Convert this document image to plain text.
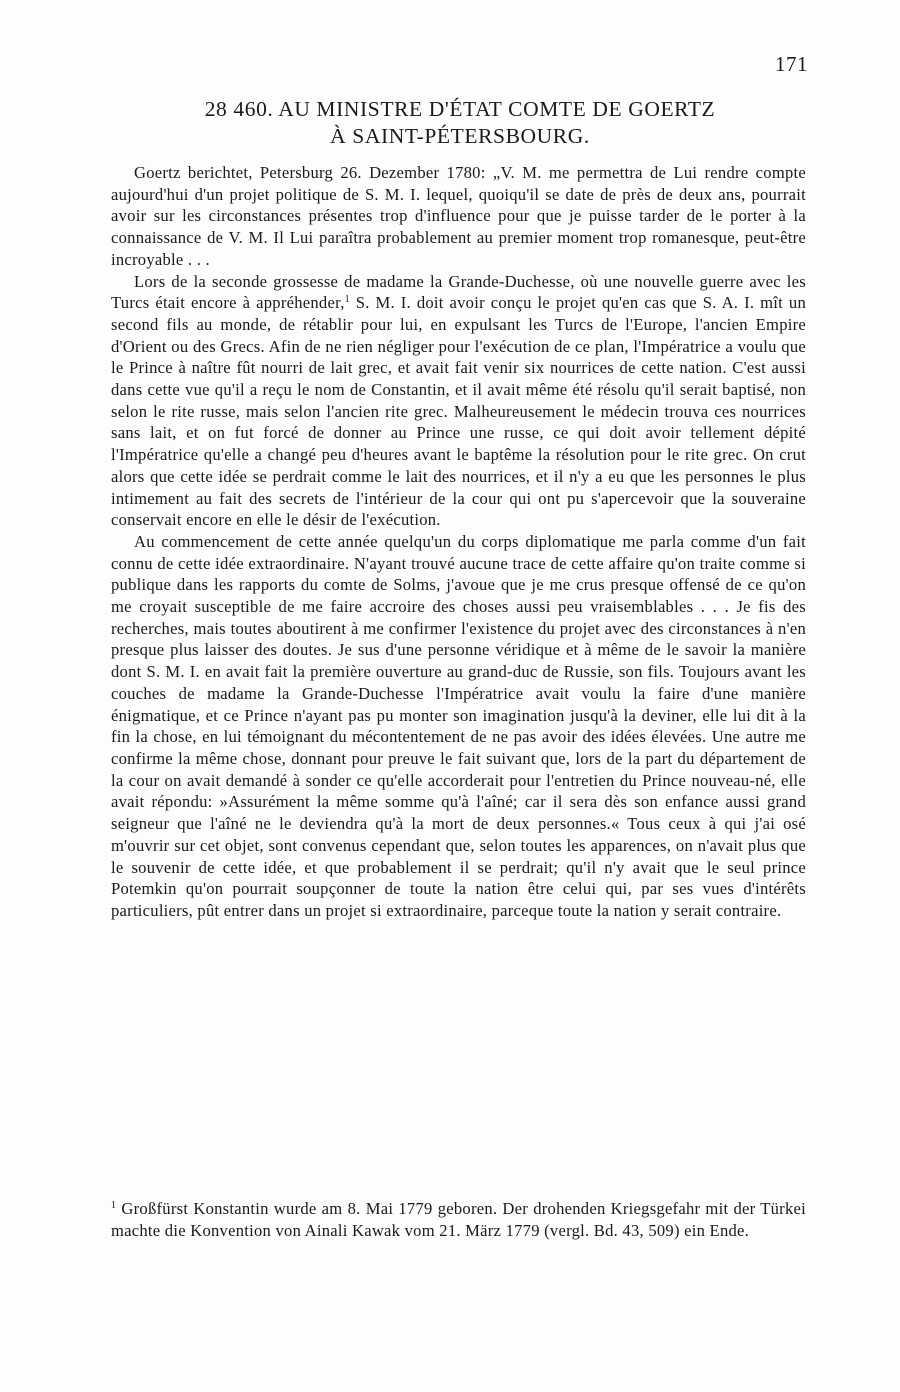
171
28 460. AU MINISTRE D'ÉTAT COMTE DE GOERTZ
À SAINT-PÉTERSBOURG.

Goertz berichtet, Petersburg 26. Dezember 1780: „V. M. me permettra de Lui rendre compte aujourd'hui d'un projet politique de S. M. I. lequel, quoiqu'il se date de près de deux ans, pourrait avoir sur les circonstances présentes trop d'influence pour que je puisse tarder de le porter à la connaissance de V. M. Il Lui paraîtra probablement au premier moment trop romanesque, peut-être incroyable . . .

Lors de la seconde grossesse de madame la Grande-Duchesse, où une nouvelle guerre avec les Turcs était encore à appréhender,$^1$ S. M. I. doit avoir conçu le projet qu'en cas que S. A. I. mît un second fils au monde, de rétablir pour lui, en expulsant les Turcs de l'Europe, l'ancien Empire d'Orient ou des Grecs. Afin de ne rien négliger pour l'exécution de ce plan, l'Impératrice a voulu que le Prince à naître fût nourri de lait grec, et avait fait venir six nourrices de cette nation. C'est aussi dans cette vue qu'il a reçu le nom de Constantin, et il avait même été résolu qu'il serait baptisé, non selon le rite russe, mais selon l'ancien rite grec. Malheureusement le médecin trouva ces nourrices sans lait, et on fut forcé de donner au Prince une russe, ce qui doit avoir tellement dépité l'Impératrice qu'elle a changé peu d'heures avant le baptême la résolution pour le rite grec. On crut alors que cette idée se perdrait comme le lait des nourrices, et il n'y a eu que les personnes le plus intimement au fait des secrets de l'intérieur de la cour qui ont pu s'apercevoir que la souveraine conservait encore en elle le désir de l'exécution.

Au commencement de cette année quelqu'un du corps diplomatique me parla comme d'un fait connu de cette idée extraordinaire. N'ayant trouvé aucune trace de cette affaire qu'on traite comme si publique dans les rapports du comte de Solms, j'avoue que je me crus presque offensé de ce qu'on me croyait susceptible de me faire accroire des choses aussi peu vraisemblables . . . Je fis des recherches, mais toutes aboutirent à me confirmer l'existence du projet avec des circonstances à n'en presque plus laisser des doutes. Je sus d'une personne véridique et à même de le savoir la manière dont S. M. I. en avait fait la première ouverture au grand-duc de Russie, son fils. Toujours avant les couches de madame la Grande-Duchesse l'Impératrice avait voulu la faire d'une manière énigmatique, et ce Prince n'ayant pas pu monter son imagination jusqu'à la deviner, elle lui dit à la fin la chose, en lui témoignant du mécontentement de ne pas avoir des idées élevées. Une autre me confirme la même chose, donnant pour preuve le fait suivant que, lors de la part du département de la cour on avait demandé à sonder ce qu'elle accorderait pour l'entretien du Prince nouveau-né, elle avait répondu: »Assurément la même somme qu'à l'aîné; car il sera dès son enfance aussi grand seigneur que l'aîné ne le deviendra qu'à la mort de deux personnes.« Tous ceux à qui j'ai osé m'ouvrir sur cet objet, sont convenus cependant que, selon toutes les apparences, on n'avait plus que le souvenir de cette idée, et que probablement il se perdrait; qu'il n'y avait que le seul prince Potemkin qu'on pourrait soupçonner de toute la nation être celui qui, par ses vues d'intérêts particuliers, pût entrer dans un projet si extraordinaire, parceque toute la nation y serait contraire.

$^1$ Großfürst Konstantin wurde am 8. Mai 1779 geboren. Der drohenden Kriegsgefahr mit der Türkei machte die Konvention von Ainali Kawak vom 21. März 1779 (vergl. Bd. 43, 509) ein Ende.
